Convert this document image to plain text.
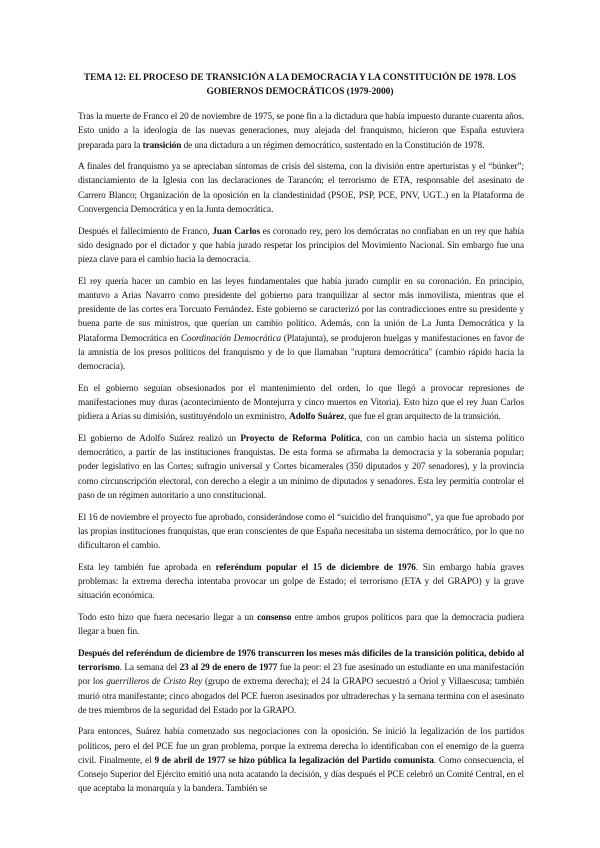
TEMA 12: EL PROCESO DE TRANSICIÓN A LA DEMOCRACIA Y LA CONSTITUCIÓN DE 1978. LOS GOBIERNOS DEMOCRÁTICOS (1979-2000)

Tras la muerte de Franco el 20 de noviembre de 1975, se pone fin a la dictadura que había impuesto durante cuarenta años. Esto unido a la ideología de las nuevas generaciones, muy alejada del franquismo, hicieron que España estuviera preparada para la transición de una dictadura a un régimen democrático, sustentado en la Constitución de 1978.

A finales del franquismo ya se apreciaban síntomas de crisis del sistema, con la división entre aperturistas y el “búnker”; distanciamiento de la Iglesia con las declaraciones de Tarancón; el terrorismo de ETA, responsable del asesinato de Carrero Blanco; Organización de la oposición en la clandestinidad (PSOE, PSP, PCE, PNV, UGT..) en la Plataforma de Convergencia Democrática y en la Junta democrática.

Después el fallecimiento de Franco, Juan Carlos es coronado rey, pero los demócratas no confiaban en un rey que había sido designado por el dictador y que había jurado respetar los principios del Movimiento Nacional. Sin embargo fue una pieza clave para el cambio hacia la democracia.

El rey quería hacer un cambio en las leyes fundamentales que había jurado cumplir en su coronación. En principio, mantuvo a Arias Navarro como presidente del gobierno para tranquilizar al sector más inmovilista, mientras que el presidente de las cortes era Torcuato Fernández. Este gobierno se caracterizó por las contradicciones entre su presidente y buena parte de sus ministros, que querían un cambio político. Además, con la unión de La Junta Democrática y la Plataforma Democrática en Coordinación Democrática (Platajunta), se produjeron huelgas y manifestaciones en favor de la amnistía de los presos políticos del franquismo y de lo que llamaban "ruptura democrática" (cambio rápido hacia la democracia).

En el gobierno seguían obsesionados por el mantenimiento del orden, lo que llegó a provocar represiones de manifestaciones muy duras (acontecimiento de Montejurra y cinco muertos en Vitoria). Esto hizo que el rey Juan Carlos pidiera a Arias su dimisión, sustituyéndolo un exministro, Adolfo Suárez, que fue el gran arquitecto de la transición.

El gobierno de Adolfo Suárez realizó un Proyecto de Reforma Política, con un cambio hacia un sistema político democrático, a partir de las instituciones franquistas. De esta forma se afirmaba la democracia y la soberanía popular; poder legislativo en las Cortes; sufragio universal y Cortes bicamerales (350 diputados y 207 senadores), y la provincia como circunscripción electoral, con derecho a elegir a un mínimo de diputados y senadores. Esta ley permitía controlar el paso de un régimen autoritario a uno constitucional.

El 16 de noviembre el proyecto fue aprobado, considerándose como el “suicidio del franquismo”, ya que fue aprobado por las propias instituciones franquistas, que eran conscientes de que España necesitaba un sistema democrático, por lo que no dificultaron el cambio.

Esta ley también fue aprobada en referéndum popular el 15 de diciembre de 1976. Sin embargo había graves problemas: la extrema derecha intentaba provocar un golpe de Estado; el terrorismo (ETA y del GRAPO) y la grave situación económica.

Todo esto hizo que fuera necesario llegar a un consenso entre ambos grupos políticos para que la democracia pudiera llegar a buen fin.

Después del referéndum de diciembre de 1976 transcurren los meses más difíciles de la transición política, debido al terrorismo. La semana del 23 al 29 de enero de 1977 fue la peor: el 23 fue asesinado un estudiante en una manifestación por los guerrilleros de Cristo Rey (grupo de extrema derecha); el 24 la GRAPO secuestró a Oriol y Villaescusa; también murió otra manifestante; cinco abogados del PCE fueron asesinados por ultraderechas y la semana termina con el asesinato de tres miembros de la seguridad del Estado por la GRAPO.

Para entonces, Suárez había comenzado sus negociaciones con la oposición. Se inició la legalización de los partidos políticos, pero el del PCE fue un gran problema, porque la extrema derecha lo identificaban con el enemigo de la guerra civil. Finalmente, el 9 de abril de 1977 se hizo pública la legalización del Partido comunista. Como consecuencia, el Consejo Superior del Ejército emitió una nota acatando la decisión, y días después el PCE celebró un Comité Central, en el que aceptaba la monarquía y la bandera. También se
